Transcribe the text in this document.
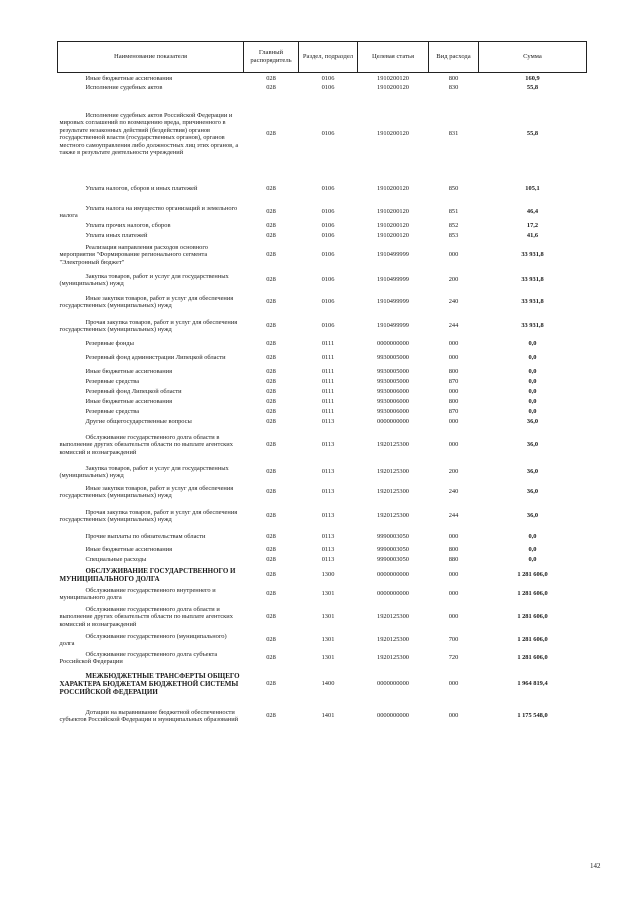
Наименование показателя	Главный распорядитель	Раздел, подраздел	Целевая статья	Вид расхода	Сумма
Иные бюджетные ассигнования	028	0106	1910200120	800	160,9
Исполнение судебных актов	028	0106	1910200120	830	55,8
Исполнение судебных актов Российской Федерации и мировых соглашений по возмещению вреда, причиненного в результате незаконных действий (бездействия) органов государственной власти (государственных органов), органов местного самоуправления либо должностных лиц этих органов, а также в результате деятельности учреждений	028	0106	1910200120	831	55,8
Уплата налогов, сборов и иных платежей	028	0106	1910200120	850	105,1
Уплата налога на имущество организаций и земельного налога	028	0106	1910200120	851	46,4
Уплата прочих налогов, сборов	028	0106	1910200120	852	17,2
Уплата иных платежей	028	0106	1910200120	853	41,6
Реализация направления расходов основного мероприятия "Формирование регионального сегмента "Электронный бюджет"	028	0106	1910499999	000	33 931,8
Закупка товаров, работ и услуг для государственных (муниципальных) нужд	028	0106	1910499999	200	33 931,8
Иные закупки товаров, работ и услуг для обеспечения государственных (муниципальных) нужд	028	0106	1910499999	240	33 931,8
Прочая закупка товаров, работ и услуг для обеспечения государственных (муниципальных) нужд	028	0106	1910499999	244	33 931,8
Резервные фонды	028	0111	0000000000	000	0,0
Резервный фонд администрации Липецкой области	028	0111	9930005000	000	0,0
Иные бюджетные ассигнования	028	0111	9930005000	800	0,0
Резервные средства	028	0111	9930005000	870	0,0
Резервный фонд Липецкой области	028	0111	9930006000	000	0,0
Иные бюджетные ассигнования	028	0111	9930006000	800	0,0
Резервные средства	028	0111	9930006000	870	0,0
Другие общегосударственные вопросы	028	0113	0000000000	000	36,0
Обслуживание государственного долга области в выполнение других обязательств области по выплате агентских комиссий и вознаграждений	028	0113	1920125300	000	36,0
Закупка товаров, работ и услуг для государственных (муниципальных) нужд	028	0113	1920125300	200	36,0
Иные закупки товаров, работ и услуг для обеспечения государственных (муниципальных) нужд	028	0113	1920125300	240	36,0
Прочая закупка товаров, работ и услуг для обеспечения государственных (муниципальных) нужд	028	0113	1920125300	244	36,0
Прочие выплаты по обязательствам области	028	0113	9990003050	000	0,0
Иные бюджетные ассигнования	028	0113	9990003050	800	0,0
Специальные расходы	028	0113	9990003050	880	0,0
ОБСЛУЖИВАНИЕ ГОСУДАРСТВЕННОГО И МУНИЦИПАЛЬНОГО ДОЛГА	028	1300	0000000000	000	1 281 606,0
Обслуживание государственного внутреннего и муниципального долга	028	1301	0000000000	000	1 281 606,0
Обслуживание государственного долга области и выполнение других обязательств области по выплате агентских комиссий и вознаграждений	028	1301	1920125300	000	1 281 606,0
Обслуживание государственного (муниципального) долга	028	1301	1920125300	700	1 281 606,0
Обслуживание государственного долга субъекта Российской Федерации	028	1301	1920125300	720	1 281 606,0
МЕЖБЮДЖЕТНЫЕ ТРАНСФЕРТЫ ОБЩЕГО ХАРАКТЕРА БЮДЖЕТАМ БЮДЖЕТНОЙ СИСТЕМЫ РОССИЙСКОЙ ФЕДЕРАЦИИ	028	1400	0000000000	000	1 964 819,4
Дотации на выравнивание бюджетной обеспеченности субъектов Российской Федерации и муниципальных образований	028	1401	0000000000	000	1 175 548,0
142
